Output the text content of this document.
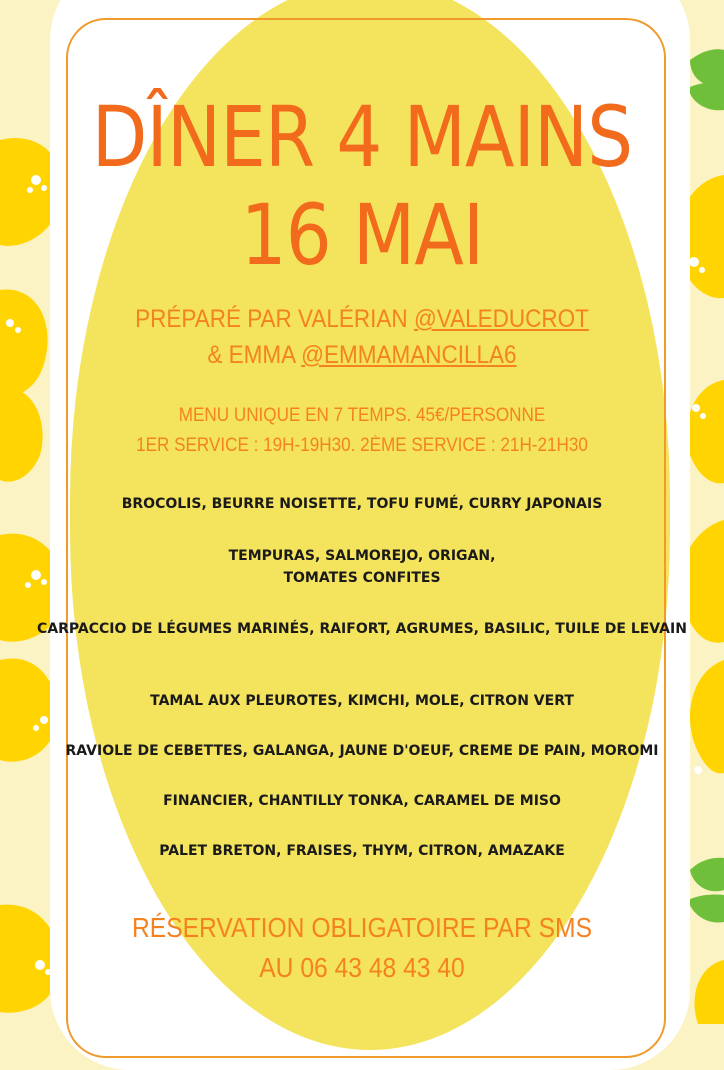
DÎNER 4 MAINS
16 MAI

PRÉPARÉ PAR VALÉRIAN @VALEDUCROT

& EMMA @EMMAMANCILLA6

MENU UNIQUE EN 7 TEMPS. 45€/PERSONNE

1ER SERVICE : 19H-19H30. 2ÈME SERVICE : 21H-21H30

BROCOLIS, BEURRE NOISETTE, TOFU FUMÉ, CURRY JAPONAIS

TEMPURAS, SALMOREJO, ORIGAN,
TOMATES CONFITES

CARPACCIO DE LÉGUMES MARINÉS, RAIFORT, AGRUMES, BASILIC, TUILE DE LEVAIN

TAMAL AUX PLEUROTES, KIMCHI, MOLE, CITRON VERT

RAVIOLE DE CEBETTES, GALANGA, JAUNE D'OEUF, CREME DE PAIN, MOROMI

FINANCIER, CHANTILLY TONKA, CARAMEL DE MISO

PALET BRETON, FRAISES, THYM, CITRON, AMAZAKE

RÉSERVATION OBLIGATOIRE PAR SMS

AU 06 43 48 43 40
